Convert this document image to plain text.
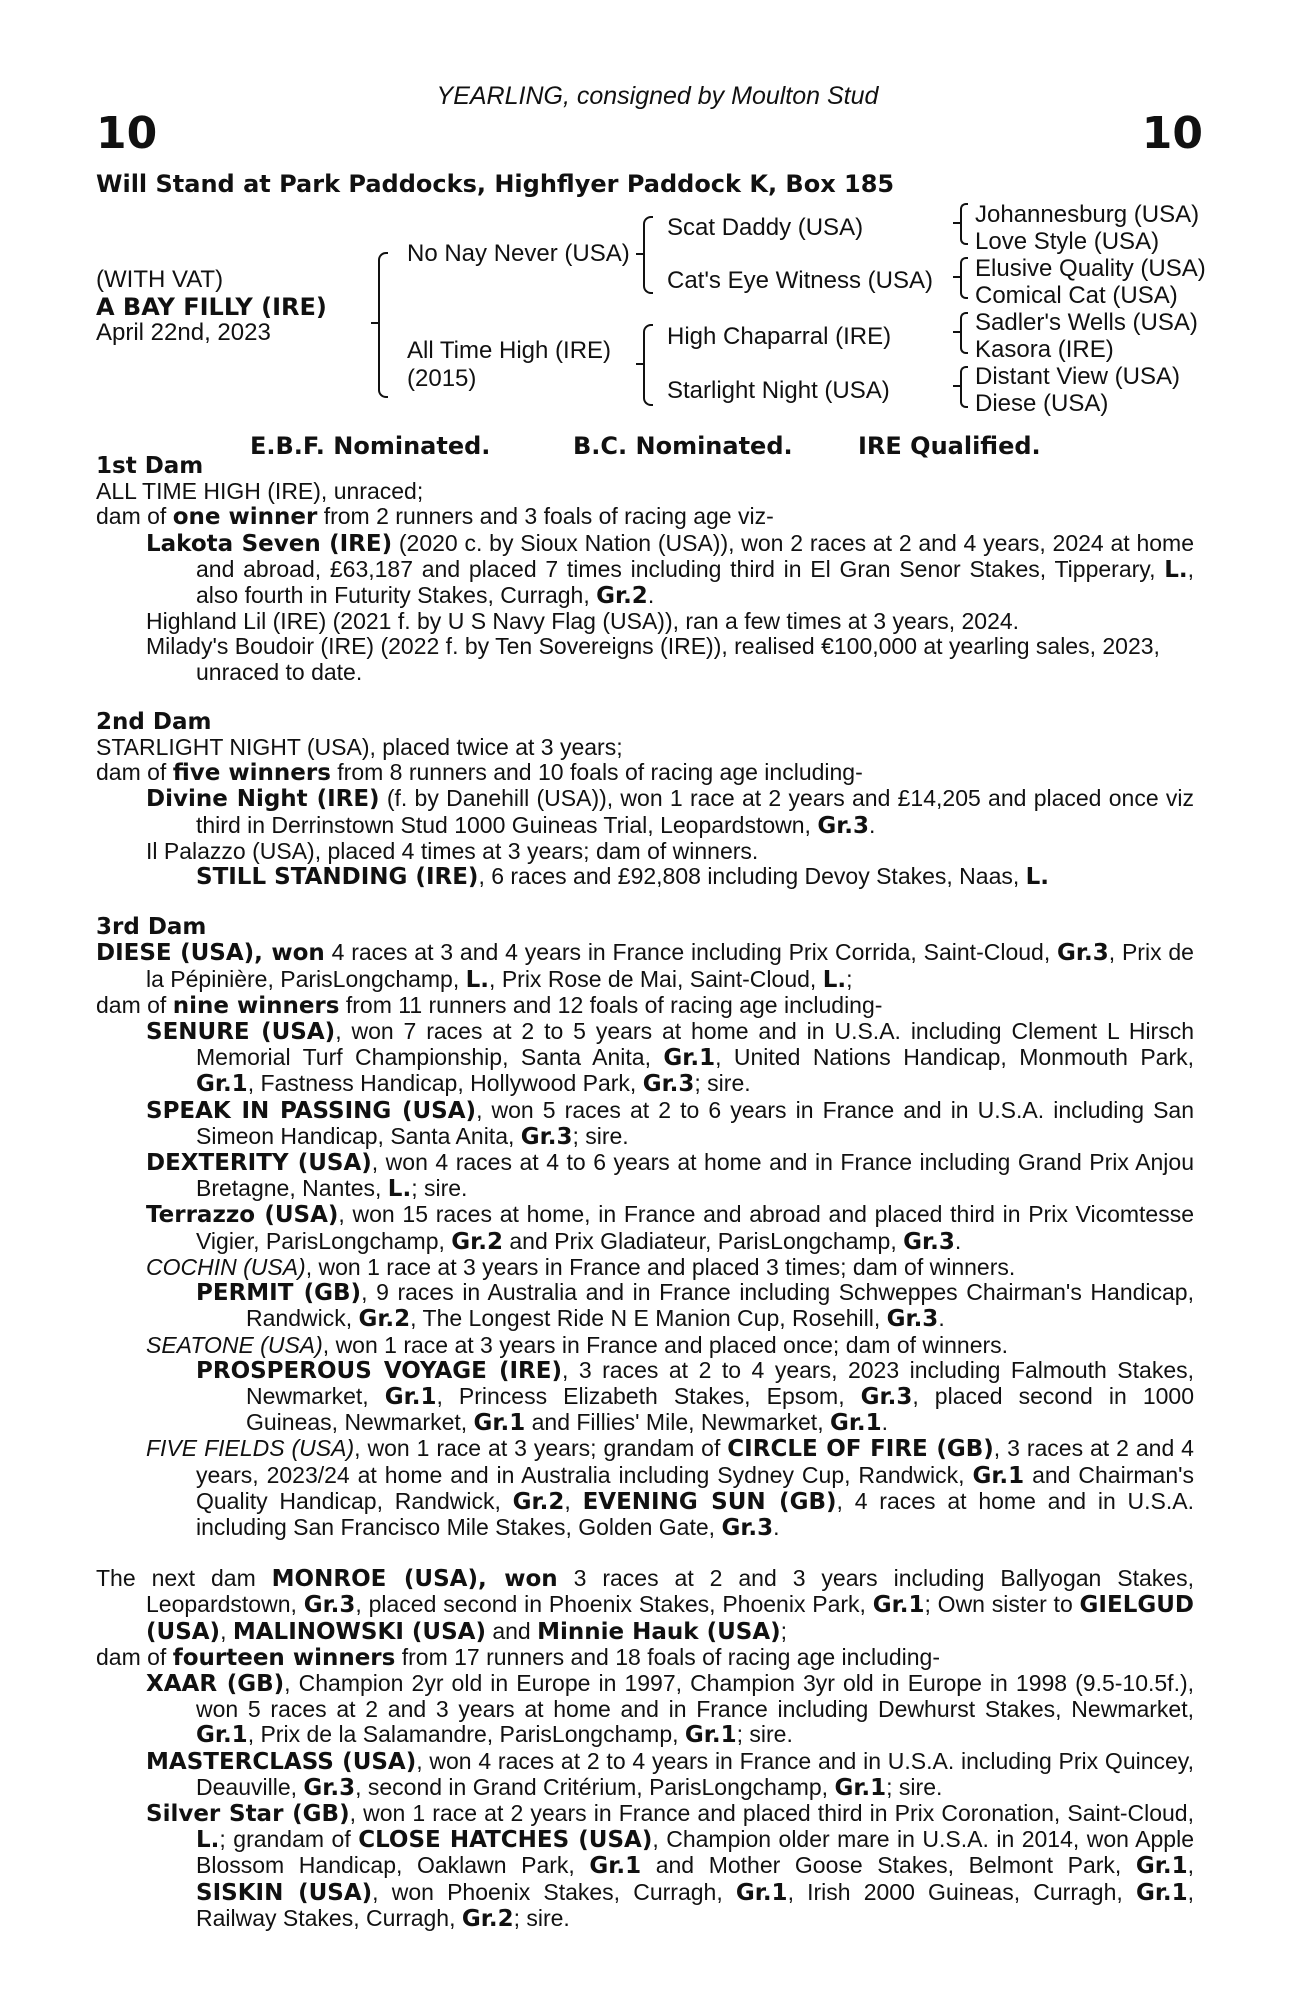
YEARLING, consigned by Moulton Stud
10	10
Will Stand at Park Paddocks, Highflyer Paddock K, Box 185
(WITH VAT)
A BAY FILLY (IRE)
April 22nd, 2023
No Nay Never (USA)
All Time High (IRE)
(2015)
Scat Daddy (USA)
Cat's Eye Witness (USA)
High Chaparral (IRE)
Starlight Night (USA)
Johannesburg (USA)
Love Style (USA)
Elusive Quality (USA)
Comical Cat (USA)
Sadler's Wells (USA)
Kasora (IRE)
Distant View (USA)
Diese (USA)
E.B.F. Nominated.	B.C. Nominated.	IRE Qualified.

1st Dam

ALL TIME HIGH (IRE), unraced;

dam of one winner from 2 runners and 3 foals of racing age viz-

Lakota Seven (IRE) (2020 c. by Sioux Nation (USA)), won 2 races at 2 and 4 years, 2024 at home and abroad, £63,187 and placed 7 times including third in El Gran Senor Stakes, Tipperary, L., also fourth in Futurity Stakes, Curragh, Gr.2.

Highland Lil (IRE) (2021 f. by U S Navy Flag (USA)), ran a few times at 3 years, 2024.

Milady's Boudoir (IRE) (2022 f. by Ten Sovereigns (IRE)), realised €100,000 at yearling sales, 2023, unraced to date.

2nd Dam

STARLIGHT NIGHT (USA), placed twice at 3 years;

dam of five winners from 8 runners and 10 foals of racing age including-

Divine Night (IRE) (f. by Danehill (USA)), won 1 race at 2 years and £14,205 and placed once viz third in Derrinstown Stud 1000 Guineas Trial, Leopardstown, Gr.3.

Il Palazzo (USA), placed 4 times at 3 years; dam of winners.

STILL STANDING (IRE), 6 races and £92,808 including Devoy Stakes, Naas, L.

3rd Dam

DIESE (USA), won 4 races at 3 and 4 years in France including Prix Corrida, Saint-Cloud, Gr.3, Prix de la Pépinière, ParisLongchamp, L., Prix Rose de Mai, Saint-Cloud, L.;

dam of nine winners from 11 runners and 12 foals of racing age including-

SENURE (USA), won 7 races at 2 to 5 years at home and in U.S.A. including Clement L Hirsch Memorial Turf Championship, Santa Anita, Gr.1, United Nations Handicap, Monmouth Park, Gr.1, Fastness Handicap, Hollywood Park, Gr.3; sire.

SPEAK IN PASSING (USA), won 5 races at 2 to 6 years in France and in U.S.A. including San Simeon Handicap, Santa Anita, Gr.3; sire.

DEXTERITY (USA), won 4 races at 4 to 6 years at home and in France including Grand Prix Anjou Bretagne, Nantes, L.; sire.

Terrazzo (USA), won 15 races at home, in France and abroad and placed third in Prix Vicomtesse Vigier, ParisLongchamp, Gr.2 and Prix Gladiateur, ParisLongchamp, Gr.3.

COCHIN (USA), won 1 race at 3 years in France and placed 3 times; dam of winners.

PERMIT (GB), 9 races in Australia and in France including Schweppes Chairman's Handicap, Randwick, Gr.2, The Longest Ride N E Manion Cup, Rosehill, Gr.3.

SEATONE (USA), won 1 race at 3 years in France and placed once; dam of winners.

PROSPEROUS VOYAGE (IRE), 3 races at 2 to 4 years, 2023 including Falmouth Stakes, Newmarket, Gr.1, Princess Elizabeth Stakes, Epsom, Gr.3, placed second in 1000 Guineas, Newmarket, Gr.1 and Fillies' Mile, Newmarket, Gr.1.

FIVE FIELDS (USA), won 1 race at 3 years; grandam of CIRCLE OF FIRE (GB), 3 races at 2 and 4 years, 2023/24 at home and in Australia including Sydney Cup, Randwick, Gr.1 and Chairman's Quality Handicap, Randwick, Gr.2, EVENING SUN (GB), 4 races at home and in U.S.A. including San Francisco Mile Stakes, Golden Gate, Gr.3.

The next dam MONROE (USA), won 3 races at 2 and 3 years including Ballyogan Stakes, Leopardstown, Gr.3, placed second in Phoenix Stakes, Phoenix Park, Gr.1; Own sister to GIELGUD (USA), MALINOWSKI (USA) and Minnie Hauk (USA);

dam of fourteen winners from 17 runners and 18 foals of racing age including-

XAAR (GB), Champion 2yr old in Europe in 1997, Champion 3yr old in Europe in 1998 (9.5-10.5f.), won 5 races at 2 and 3 years at home and in France including Dewhurst Stakes, Newmarket, Gr.1, Prix de la Salamandre, ParisLongchamp, Gr.1; sire.

MASTERCLASS (USA), won 4 races at 2 to 4 years in France and in U.S.A. including Prix Quincey, Deauville, Gr.3, second in Grand Critérium, ParisLongchamp, Gr.1; sire.

Silver Star (GB), won 1 race at 2 years in France and placed third in Prix Coronation, Saint-Cloud, L.; grandam of CLOSE HATCHES (USA), Champion older mare in U.S.A. in 2014, won Apple Blossom Handicap, Oaklawn Park, Gr.1 and Mother Goose Stakes, Belmont Park, Gr.1, SISKIN (USA), won Phoenix Stakes, Curragh, Gr.1, Irish 2000 Guineas, Curragh, Gr.1, Railway Stakes, Curragh, Gr.2; sire.
